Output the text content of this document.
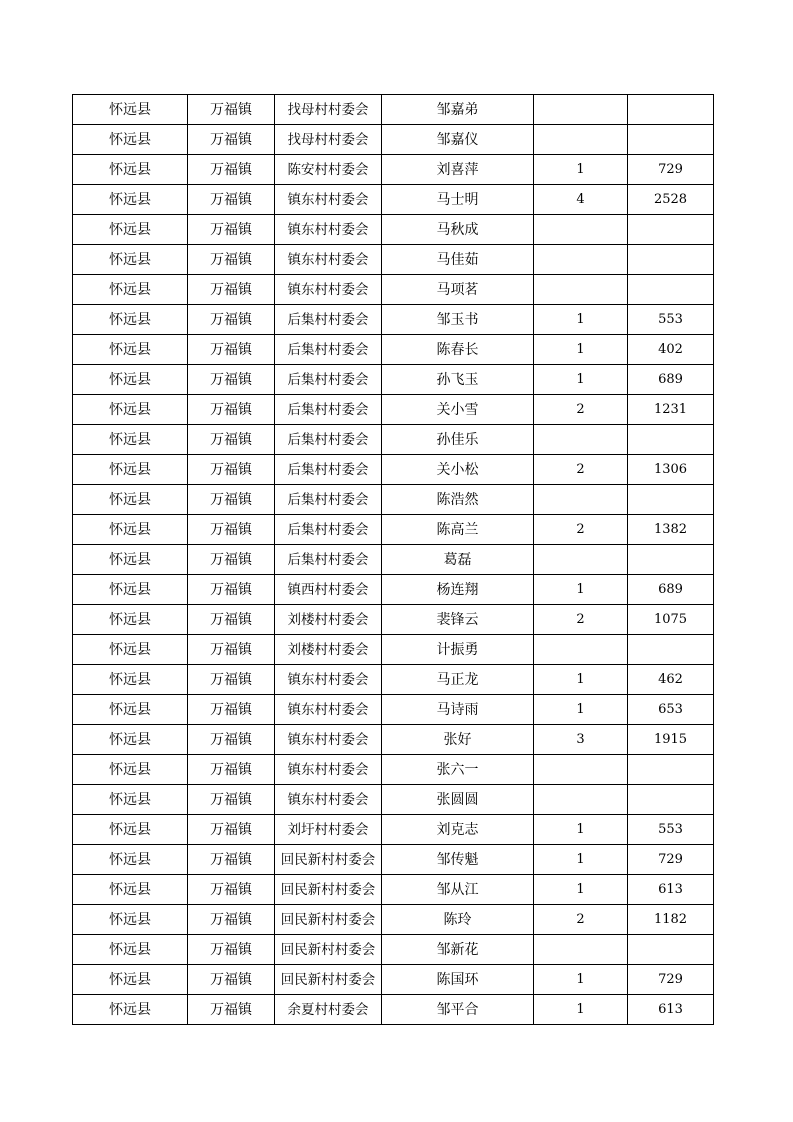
怀远县	万福镇	找母村村委会	邹嘉弟		
怀远县	万福镇	找母村村委会	邹嘉仪		
怀远县	万福镇	陈安村村委会	刘喜萍	1	729
怀远县	万福镇	镇东村村委会	马士明	4	2528
怀远县	万福镇	镇东村村委会	马秋成		
怀远县	万福镇	镇东村村委会	马佳茹		
怀远县	万福镇	镇东村村委会	马项茗		
怀远县	万福镇	后集村村委会	邹玉书	1	553
怀远县	万福镇	后集村村委会	陈春长	1	402
怀远县	万福镇	后集村村委会	孙飞玉	1	689
怀远县	万福镇	后集村村委会	关小雪	2	1231
怀远县	万福镇	后集村村委会	孙佳乐		
怀远县	万福镇	后集村村委会	关小松	2	1306
怀远县	万福镇	后集村村委会	陈浩然		
怀远县	万福镇	后集村村委会	陈高兰	2	1382
怀远县	万福镇	后集村村委会	葛磊		
怀远县	万福镇	镇西村村委会	杨连翔	1	689
怀远县	万福镇	刘楼村村委会	裴锋云	2	1075
怀远县	万福镇	刘楼村村委会	计振勇		
怀远县	万福镇	镇东村村委会	马正龙	1	462
怀远县	万福镇	镇东村村委会	马诗雨	1	653
怀远县	万福镇	镇东村村委会	张好	3	1915
怀远县	万福镇	镇东村村委会	张六一		
怀远县	万福镇	镇东村村委会	张圆圆		
怀远县	万福镇	刘圩村村委会	刘克志	1	553
怀远县	万福镇	回民新村村委会	邹传魁	1	729
怀远县	万福镇	回民新村村委会	邹从江	1	613
怀远县	万福镇	回民新村村委会	陈玲	2	1182
怀远县	万福镇	回民新村村委会	邹新花		
怀远县	万福镇	回民新村村委会	陈国环	1	729
怀远县	万福镇	余夏村村委会	邹平合	1	613
